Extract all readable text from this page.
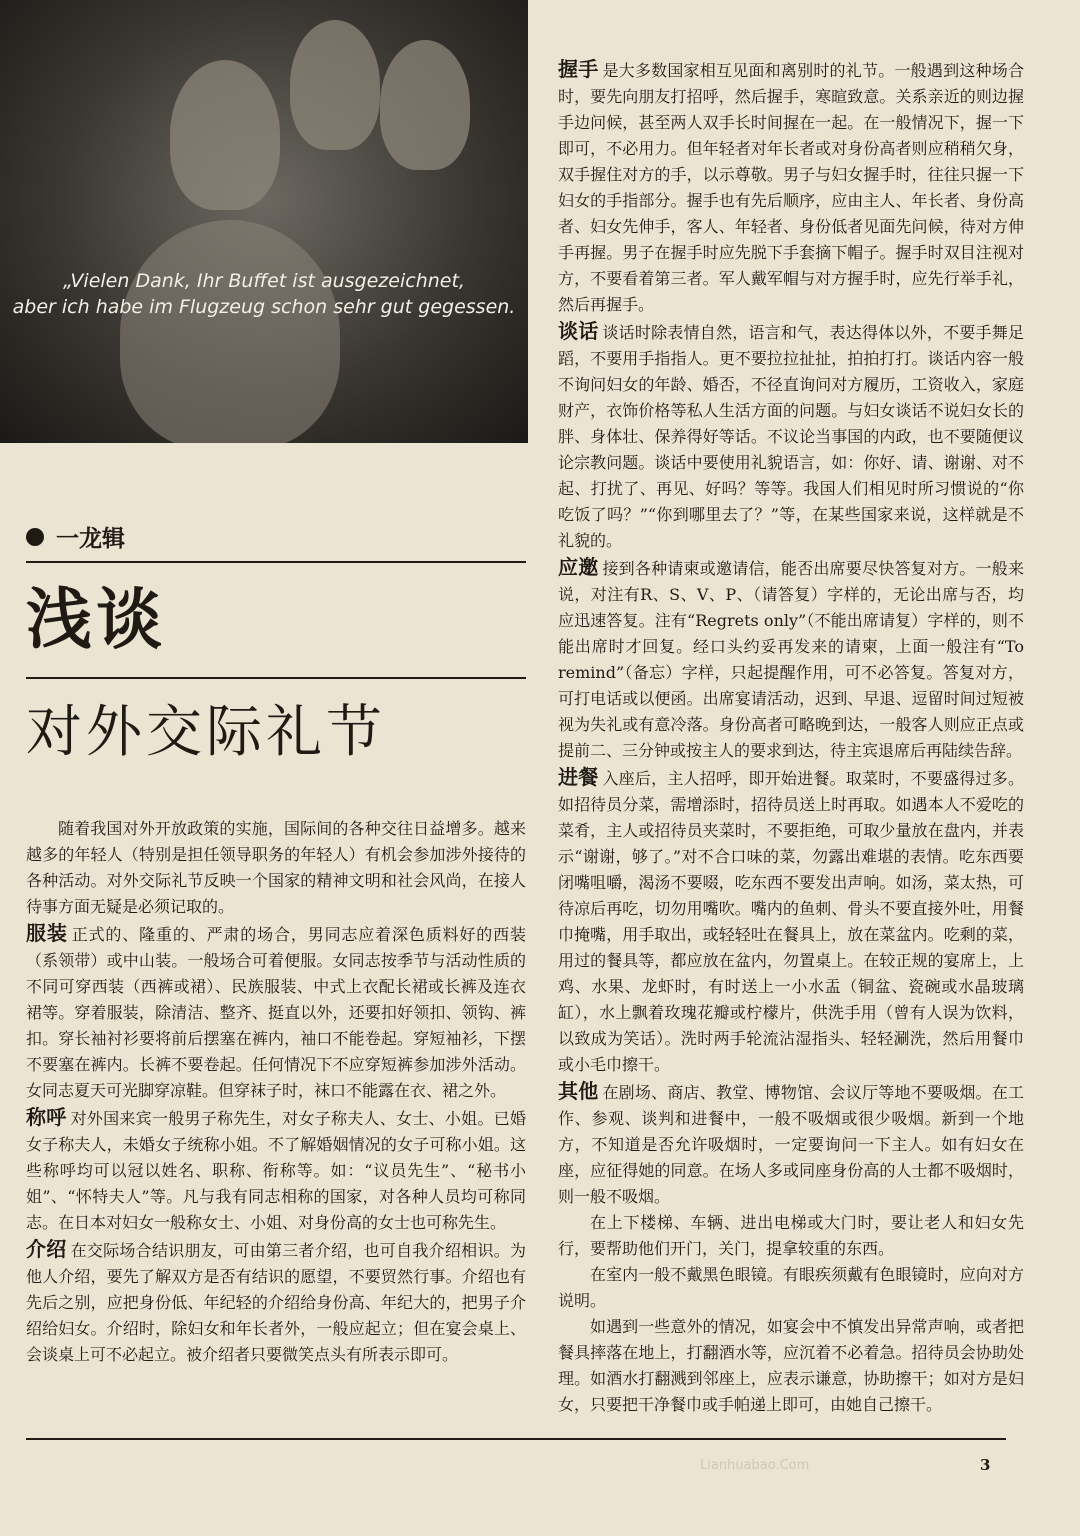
„Vielen Dank, Ihr Buffet ist ausgezeichnet,
aber ich habe im Flugzeug schon sehr gut gegessen.
一龙辑
浅谈
对外交际礼节

随着我国对外开放政策的实施，国际间的各种交往日益增多。越来越多的年轻人（特别是担任领导职务的年轻人）有机会参加涉外接待的各种活动。对外交际礼节反映一个国家的精神文明和社会风尚，在接人待事方面无疑是必须记取的。

服装 正式的、隆重的、严肃的场合，男同志应着深色质料好的西装（系领带）或中山装。一般场合可着便服。女同志按季节与活动性质的不同可穿西装（西裤或裙）、民族服装、中式上衣配长裙或长裤及连衣裙等。穿着服装，除清洁、整齐、挺直以外，还要扣好领扣、领钩、裤扣。穿长袖衬衫要将前后摆塞在裤内，袖口不能卷起。穿短袖衫，下摆不要塞在裤内。长裤不要卷起。任何情况下不应穿短裤参加涉外活动。女同志夏天可光脚穿凉鞋。但穿袜子时，袜口不能露在衣、裙之外。

称呼 对外国来宾一般男子称先生，对女子称夫人、女士、小姐。已婚女子称夫人，未婚女子统称小姐。不了解婚姻情况的女子可称小姐。这些称呼均可以冠以姓名、职称、衔称等。如：“议员先生”、“秘书小姐”、“怀特夫人”等。凡与我有同志相称的国家，对各种人员均可称同志。在日本对妇女一般称女士、小姐、对身份高的女士也可称先生。

介绍 在交际场合结识朋友，可由第三者介绍，也可自我介绍相识。为他人介绍，要先了解双方是否有结识的愿望，不要贸然行事。介绍也有先后之别，应把身份低、年纪轻的介绍给身份高、年纪大的，把男子介绍给妇女。介绍时，除妇女和年长者外，一般应起立；但在宴会桌上、会谈桌上可不必起立。被介绍者只要微笑点头有所表示即可。

握手 是大多数国家相互见面和离别时的礼节。一般遇到这种场合时，要先向朋友打招呼，然后握手，寒暄致意。关系亲近的则边握手边问候，甚至两人双手长时间握在一起。在一般情况下，握一下即可，不必用力。但年轻者对年长者或对身份高者则应稍稍欠身，双手握住对方的手，以示尊敬。男子与妇女握手时，往往只握一下妇女的手指部分。握手也有先后顺序，应由主人、年长者、身份高者、妇女先伸手，客人、年轻者、身份低者见面先问候，待对方伸手再握。男子在握手时应先脱下手套摘下帽子。握手时双目注视对方，不要看着第三者。军人戴军帽与对方握手时，应先行举手礼，然后再握手。

谈话 谈话时除表情自然，语言和气，表达得体以外，不要手舞足蹈，不要用手指指人。更不要拉拉扯扯，拍拍打打。谈话内容一般不询问妇女的年龄、婚否，不径直询问对方履历，工资收入，家庭财产，衣饰价格等私人生活方面的问题。与妇女谈话不说妇女长的胖、身体壮、保养得好等话。不议论当事国的内政，也不要随便议论宗教问题。谈话中要使用礼貌语言，如：你好、请、谢谢、对不起、打扰了、再见、好吗？等等。我国人们相见时所习惯说的“你吃饭了吗？”“你到哪里去了？”等，在某些国家来说，这样就是不礼貌的。

应邀 接到各种请柬或邀请信，能否出席要尽快答复对方。一般来说，对注有R、S、V、P、（请答复）字样的，无论出席与否，均应迅速答复。注有“Regrets only”（不能出席请复）字样的，则不能出席时才回复。经口头约妥再发来的请柬，上面一般注有“To remind”（备忘）字样，只起提醒作用，可不必答复。答复对方，可打电话或以便函。出席宴请活动，迟到、早退、逗留时间过短被视为失礼或有意冷落。身份高者可略晚到达，一般客人则应正点或提前二、三分钟或按主人的要求到达，待主宾退席后再陆续告辞。

进餐 入座后，主人招呼，即开始进餐。取菜时，不要盛得过多。如招待员分菜，需增添时，招待员送上时再取。如遇本人不爱吃的菜肴，主人或招待员夹菜时，不要拒绝，可取少量放在盘内，并表示“谢谢，够了。”对不合口味的菜，勿露出难堪的表情。吃东西要闭嘴咀嚼，渴汤不要啜，吃东西不要发出声响。如汤，菜太热，可待凉后再吃，切勿用嘴吹。嘴内的鱼刺、骨头不要直接外吐，用餐巾掩嘴，用手取出，或轻轻吐在餐具上，放在菜盆内。吃剩的菜，用过的餐具等，都应放在盆内，勿置桌上。在较正规的宴席上，上鸡、水果、龙虾时，有时送上一小水盂（铜盆、瓷碗或水晶玻璃缸），水上飘着玫瑰花瓣或柠檬片，供洗手用（曾有人误为饮料，以致成为笑话）。洗时两手轮流沾湿指头、轻轻涮洗，然后用餐巾或小毛巾擦干。

其他 在剧场、商店、教堂、博物馆、会议厅等地不要吸烟。在工作、参观、谈判和进餐中，一般不吸烟或很少吸烟。新到一个地方，不知道是否允许吸烟时，一定要询问一下主人。如有妇女在座，应征得她的同意。在场人多或同座身份高的人士都不吸烟时，则一般不吸烟。

在上下楼梯、车辆、进出电梯或大门时，要让老人和妇女先行，要帮助他们开门，关门，提拿较重的东西。

在室内一般不戴黑色眼镜。有眼疾须戴有色眼镜时，应向对方说明。

如遇到一些意外的情况，如宴会中不慎发出异常声响，或者把餐具摔落在地上，打翻酒水等，应沉着不必着急。招待员会协助处理。如酒水打翻溅到邻座上，应表示谦意，协助擦干；如对方是妇女，只要把干净餐巾或手帕递上即可，由她自己擦干。

Lianhuabao.Com	3
